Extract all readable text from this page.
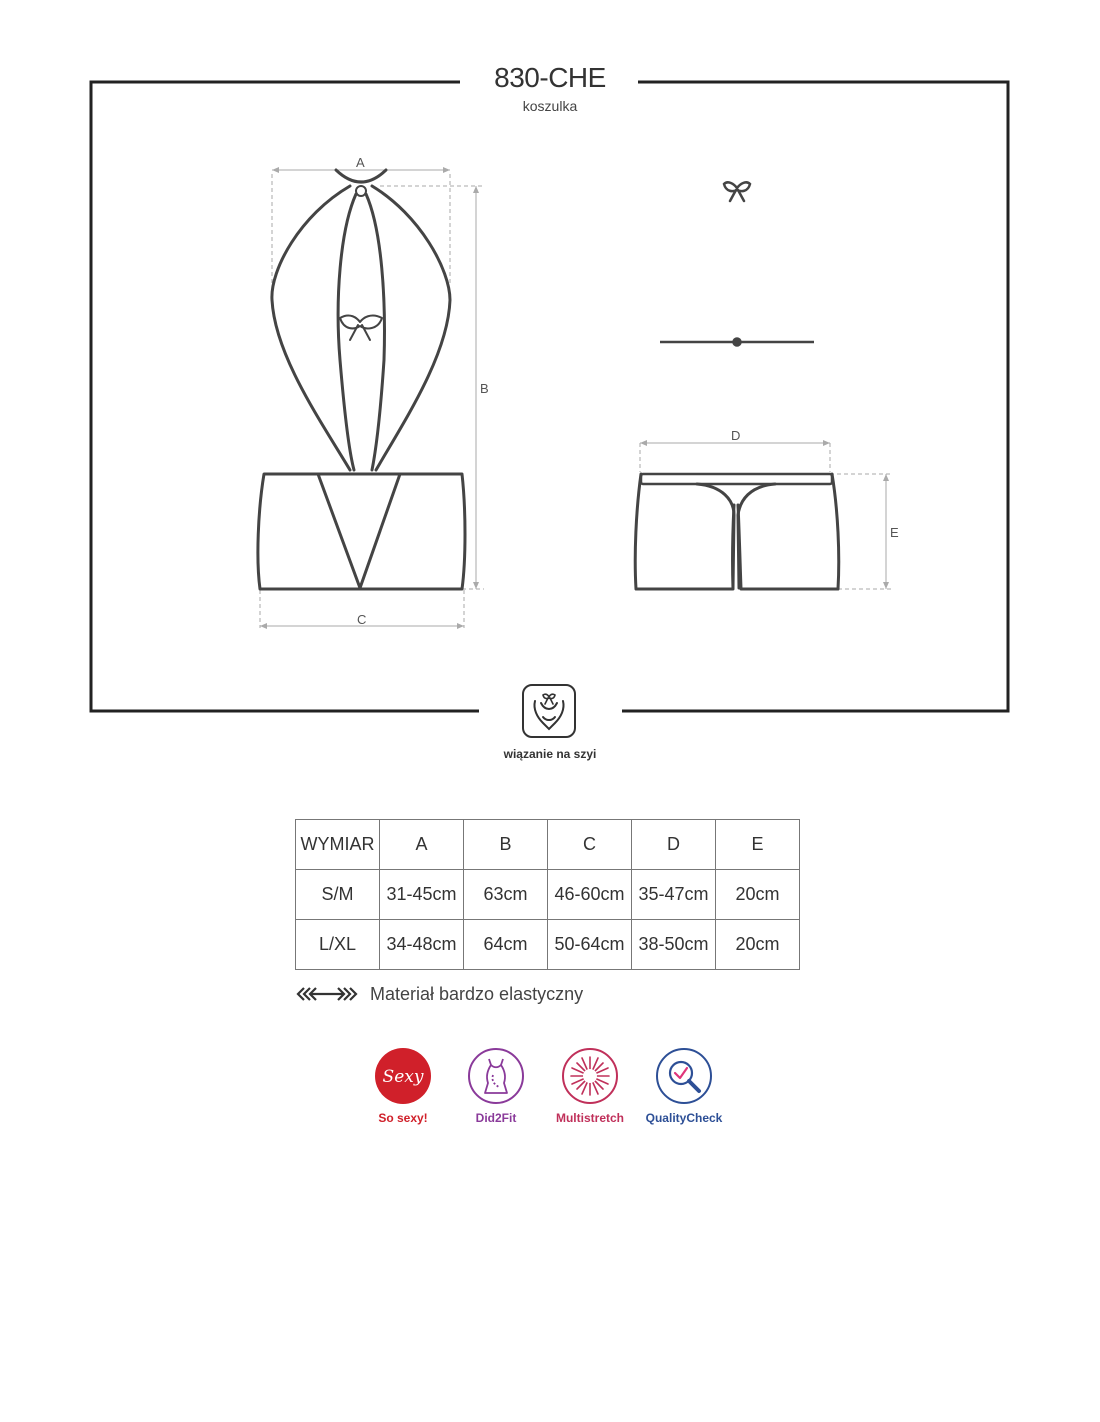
830-CHE
koszulka
A
B
C
D
E
wiązanie na szyi
WYMIAR	A	B	C	D	E
S/M	31-45cm	63cm	46-60cm	35-47cm	20cm
L/XL	34-48cm	64cm	50-64cm	38-50cm	20cm
Materiał bardzo elastyczny
Sexy
So sexy!	Did2Fit	Multistretch	QualityCheck
